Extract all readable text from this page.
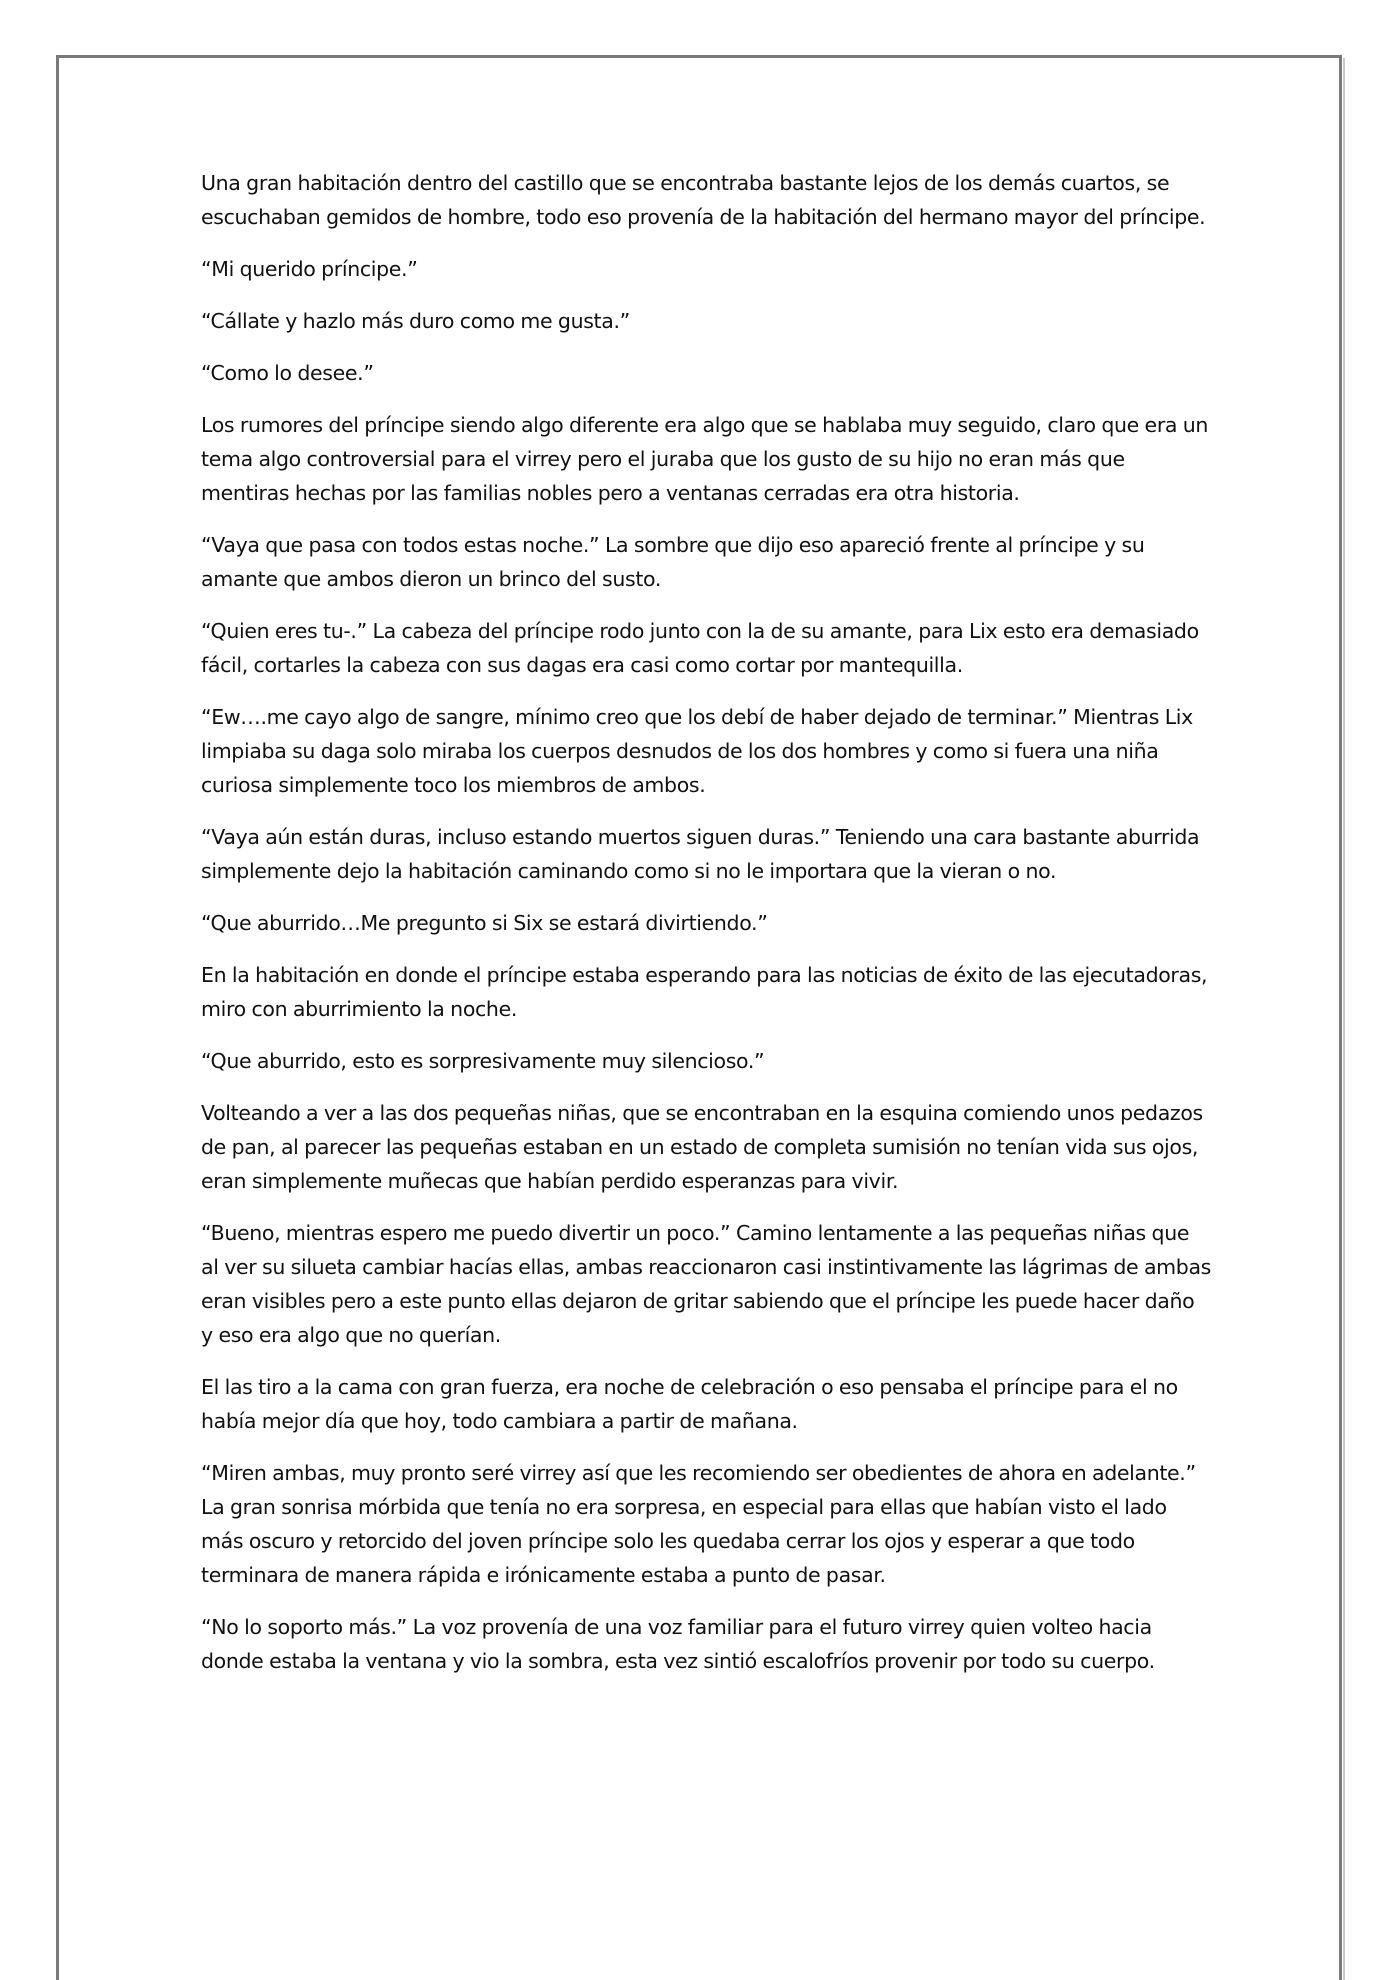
Una gran habitación dentro del castillo que se encontraba bastante lejos de los demás cuartos, se escuchaban gemidos de hombre, todo eso provenía de la habitación del hermano mayor del príncipe.

“Mi querido príncipe.”

“Cállate y hazlo más duro como me gusta.”

“Como lo desee.”

Los rumores del príncipe siendo algo diferente era algo que se hablaba muy seguido, claro que era un tema algo controversial para el virrey pero el juraba que los gusto de su hijo no eran más que mentiras hechas por las familias nobles pero a ventanas cerradas era otra historia.

“Vaya que pasa con todos estas noche.” La sombre que dijo eso apareció frente al príncipe y su amante que ambos dieron un brinco del susto.

“Quien eres tu-.” La cabeza del príncipe rodo junto con la de su amante, para Lix esto era demasiado fácil, cortarles la cabeza con sus dagas era casi como cortar por mantequilla.

“Ew….me cayo algo de sangre, mínimo creo que los debí de haber dejado de terminar.” Mientras Lix limpiaba su daga solo miraba los cuerpos desnudos de los dos hombres y como si fuera una niña curiosa simplemente toco los miembros de ambos.

“Vaya aún están duras, incluso estando muertos siguen duras.” Teniendo una cara bastante aburrida simplemente dejo la habitación caminando como si no le importara que la vieran o no.

“Que aburrido…Me pregunto si Six se estará divirtiendo.”

En la habitación en donde el príncipe estaba esperando para las noticias de éxito de las ejecutadoras, miro con aburrimiento la noche.

“Que aburrido, esto es sorpresivamente muy silencioso.”

Volteando a ver a las dos pequeñas niñas, que se encontraban en la esquina comiendo unos pedazos de pan, al parecer las pequeñas estaban en un estado de completa sumisión no tenían vida sus ojos, eran simplemente muñecas que habían perdido esperanzas para vivir.

“Bueno, mientras espero me puedo divertir un poco.” Camino lentamente a las pequeñas niñas que al ver su silueta cambiar hacías ellas, ambas reaccionaron casi instintivamente las lágrimas de ambas eran visibles pero a este punto ellas dejaron de gritar sabiendo que el príncipe les puede hacer daño y eso era algo que no querían.

El las tiro a la cama con gran fuerza, era noche de celebración o eso pensaba el príncipe para el no había mejor día que hoy, todo cambiara a partir de mañana.

“Miren ambas, muy pronto seré virrey así que les recomiendo ser obedientes de ahora en adelante.” La gran sonrisa mórbida que tenía no era sorpresa, en especial para ellas que habían visto el lado más oscuro y retorcido del joven príncipe solo les quedaba cerrar los ojos y esperar a que todo terminara de manera rápida e irónicamente estaba a punto de pasar.

“No lo soporto más.” La voz provenía de una voz familiar para el futuro virrey quien volteo hacia donde estaba la ventana y vio la sombra, esta vez sintió escalofríos provenir por todo su cuerpo.
